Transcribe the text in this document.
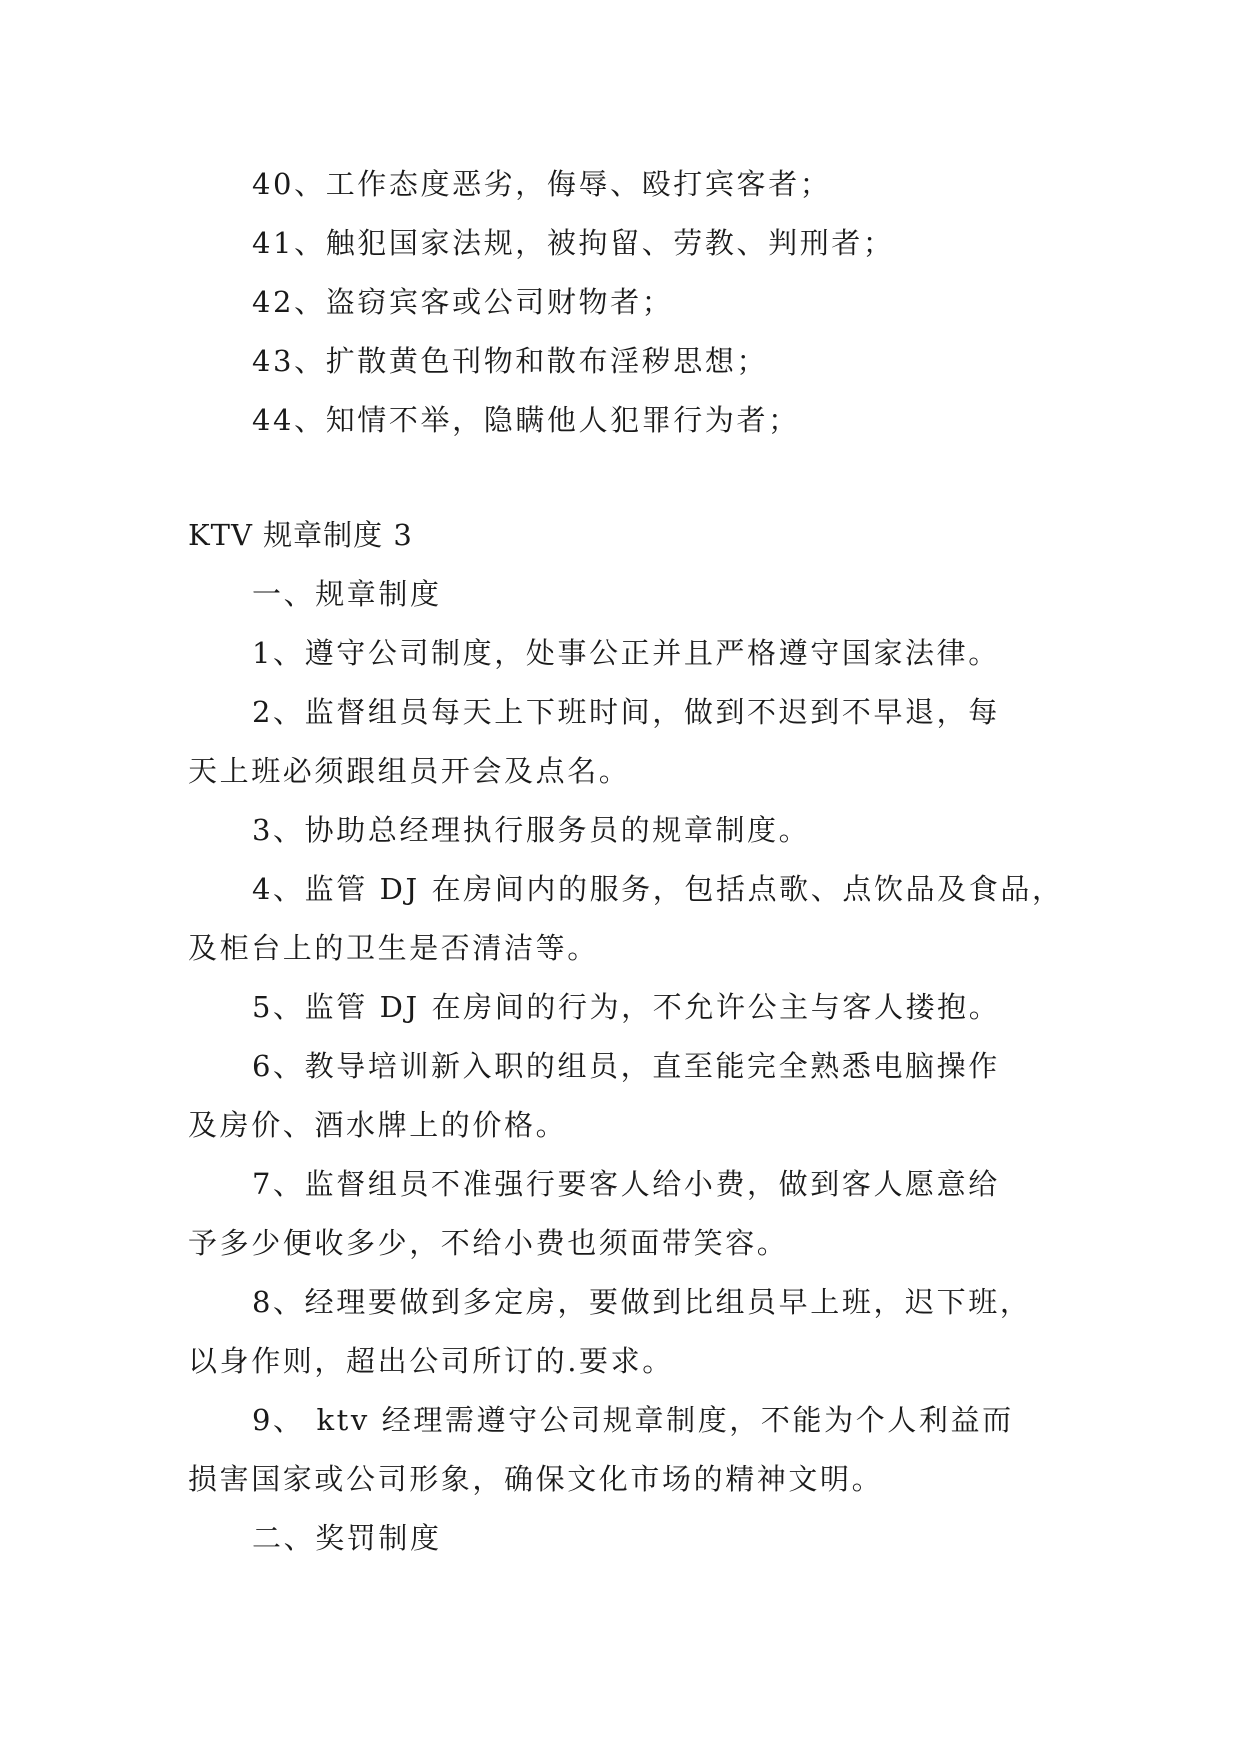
40、工作态度恶劣，侮辱、殴打宾客者；
41、触犯国家法规，被拘留、劳教、判刑者；
42、盗窃宾客或公司财物者；
43、扩散黄色刊物和散布淫秽思想；
44、知情不举，隐瞒他人犯罪行为者；
KTV 规章制度 3
一、规章制度
1、遵守公司制度，处事公正并且严格遵守国家法律。
2、监督组员每天上下班时间，做到不迟到不早退，每
天上班必须跟组员开会及点名。
3、协助总经理执行服务员的规章制度。
4、监管 DJ 在房间内的服务，包括点歌、点饮品及食品，
及柜台上的卫生是否清洁等。
5、监管 DJ 在房间的行为，不允许公主与客人搂抱。
6、教导培训新入职的组员，直至能完全熟悉电脑操作
及房价、酒水牌上的价格。
7、监督组员不准强行要客人给小费，做到客人愿意给
予多少便收多少，不给小费也须面带笑容。
8、经理要做到多定房，要做到比组员早上班，迟下班，
以身作则，超出公司所订的.要求。
9、 ktv 经理需遵守公司规章制度，不能为个人利益而
损害国家或公司形象，确保文化市场的精神文明。
二、奖罚制度
